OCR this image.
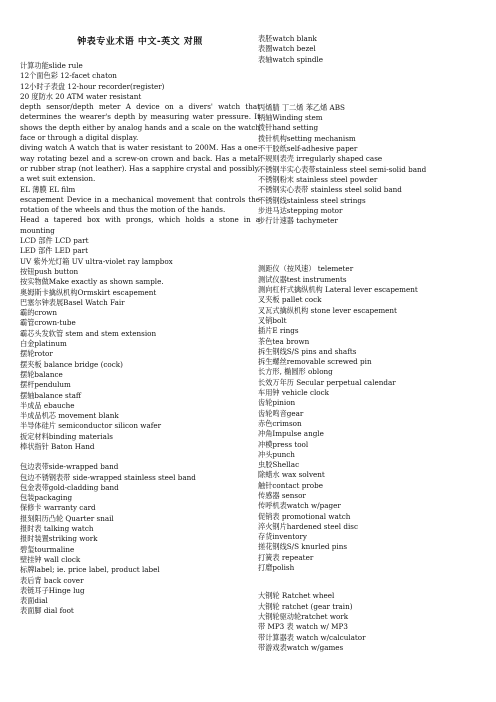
钟表专业术语 中文-英文 对照
计算功能slide rule
12个面色彩 12-facet chaton
12小时子表盘 12-hour recorder(register)
20 度防水 20 ATM water resistant
depth sensor/depth meter A device on a divers' watch that determines the wearer's depth by measuring water pressure. It shows the depth either by analog hands and a scale on the watch face or through a digital display.
diving watch A watch that is water resistant to 200M. Has a one-way rotating bezel and a screw-on crown and back. Has a metal or rubber strap (not leather). Has a sapphire crystal and possibly, a wet suit extension.
EL 薄膜 EL film
escapement Device in a mechanical movement that controls the rotation of the wheels and thus the motion of the hands.
Head a tapered box with prongs, which holds a stone in a mounting
LCD 部件 LCD part
LED 部件 LED part
UV 紫外光灯箱 UV ultra-violet ray lampbox
按钮push button
按实物做Make exactly as shown sample.
奥姆斯卡擒纵机构Ormskirt escapement
巴塞尔钟表展Basel Watch Fair
霸的crown
霸管crown-tube
霸芯头发软管 stem and stem extension
白金platinum
摆轮rotor
摆夹板 balance bridge (cock)
摆轮balance
摆杆pendulum
摆轴balance staff
半成品 ebauche
半成品机芯 movement blank
半导体硅片 semiconductor silicon wafer
扳定材料binding materials
棒状指针 Baton Hand
包边表带side-wrapped band
包边不锈钢表带 side-wrapped stainless steel band
包金表带gold-cladding band
包装packaging
保修卡 warranty card
报刻阳历凸轮 Quarter snail
报时表 talking watch
报时装置striking work
碧玺tourmaline
壁挂钟 wall clock
标牌label; ie. price label, product label
表后背 back cover
表链耳子Hinge lug
表面dial
表面脚 dial foot
表胚watch blank
表圈watch bezel
表轴watch spindle
丙烯腈 丁二烯 苯乙烯 ABS
柄轴Winding stem
拨针hand setting
拨针机构setting mechanism
不干胶纸self-adhesive paper
不规则表壳 irregularly shaped case
不锈钢半实心表带stainless steel semi-solid band
不锈钢粉末 stainless steel powder
不锈钢实心表带 stainless steel solid band
不锈钢线stainless steel strings
步进马达stepping motor
步行计速器 tachymeter
测距仪（按风速） telemeter
测试仪器test instruments
测向杠杆式擒纵机构 Lateral lever escapement
叉夹板 pallet cock
叉瓦式擒纵机构 stone lever escapement
叉销bolt
插片E rings
茶色tea brown
拆生钢线S/S pins and shafts
拆生螺丝removable screwed pin
长方形, 椭圆形 oblong
长效万年历 Secular perpetual calendar
车用钟 vehicle clock
齿轮pinion
齿轮鸣音gear
赤色crimson
冲角Impulse angle
冲模press tool
冲头punch
虫胶Shellac
除蜡水 wax solvent
触针contact probe
传感器 sensor
传呼机表watch w/pager
促销表 promotional watch
淬火钢片hardened steel disc
存货inventory
搓花钢线S/S knurled pins
打簧表 repeater
打磨polish
大钢轮 Ratchet wheel
大钢轮 ratchet (gear train)
大钢轮驱动轮ratchet work
带 MP3 表 watch w/ MP3
带计算器表 watch w/calculator
带游戏表watch w/games
